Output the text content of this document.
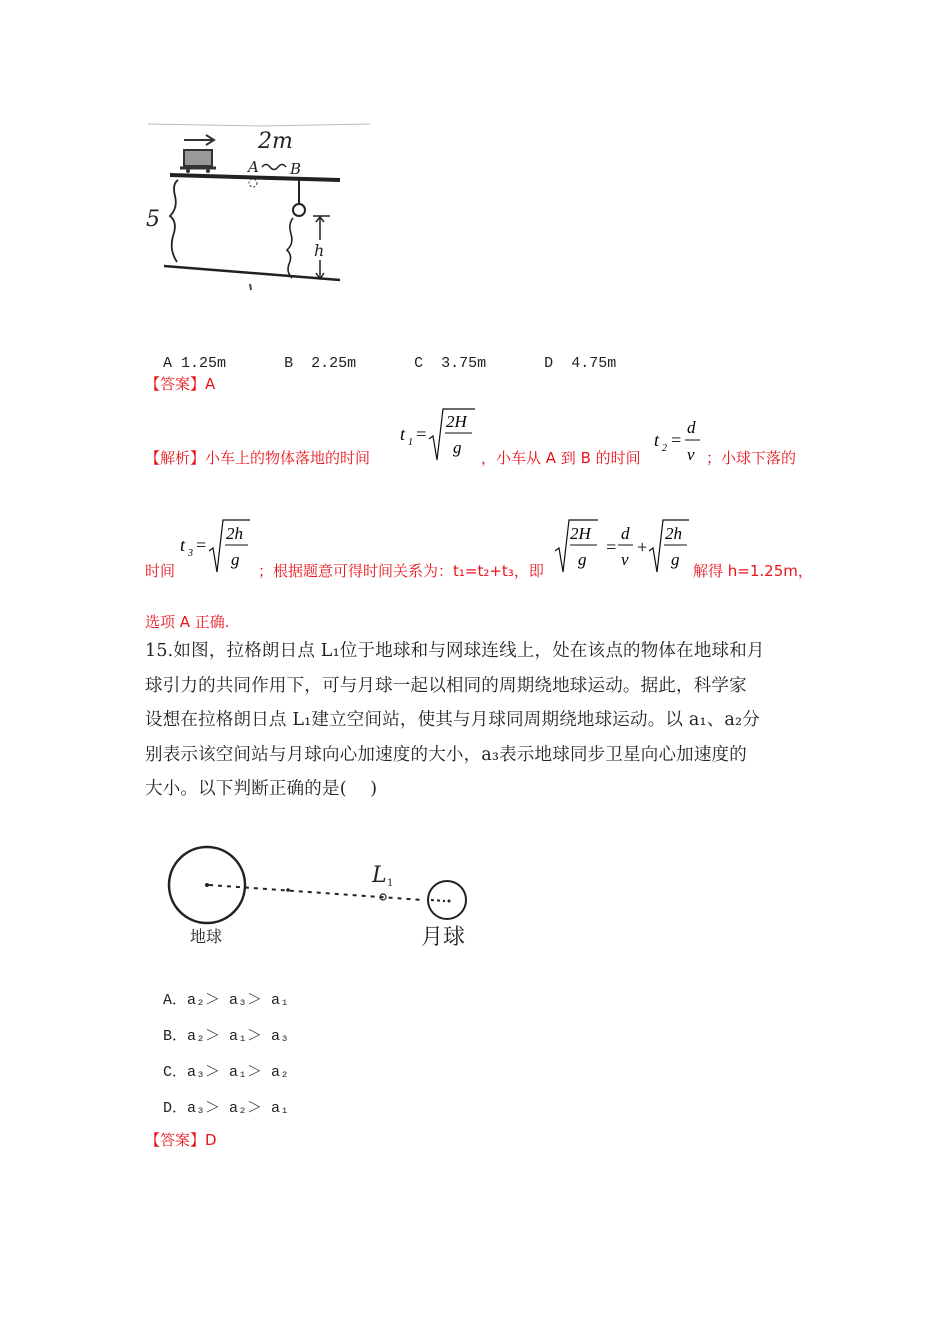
2m
A B
5
h

A 1.25m	B 2.25m	C 3.75m	D 4.75m

【答案】A
【解析】小车上的物体落地的时间
t 1 =
2H
g
，小车从 A 到 B 的时间
t 2 =
d
v ；小球下落的
时间
t 3 =
2h
g
；根据题意可得时间关系为：t₁=t₂+t₃，即
2H
g
=
d
v
+
2h
g
解得 h=1.25m，
选项 A 正确.
15.如图，拉格朗日点 L₁位于地球和与网球连线上，处在该点的物体在地球和月
球引力的共同作用下，可与月球一起以相同的周期绕地球运动。据此，科学家
设想在拉格朗日点 L₁建立空间站，使其与月球同周期绕地球运动。以 a₁、a₂分
别表示该空间站与月球向心加速度的大小，a₃表示地球同步卫星向心加速度的
大小。以下判断正确的是(　 )
L 1
地球	月球
A．a₂＞ a₃＞ a₁
B．a₂＞ a₁＞ a₃
C．a₃＞ a₁＞ a₂
D．a₃＞ a₂＞ a₁
【答案】D
